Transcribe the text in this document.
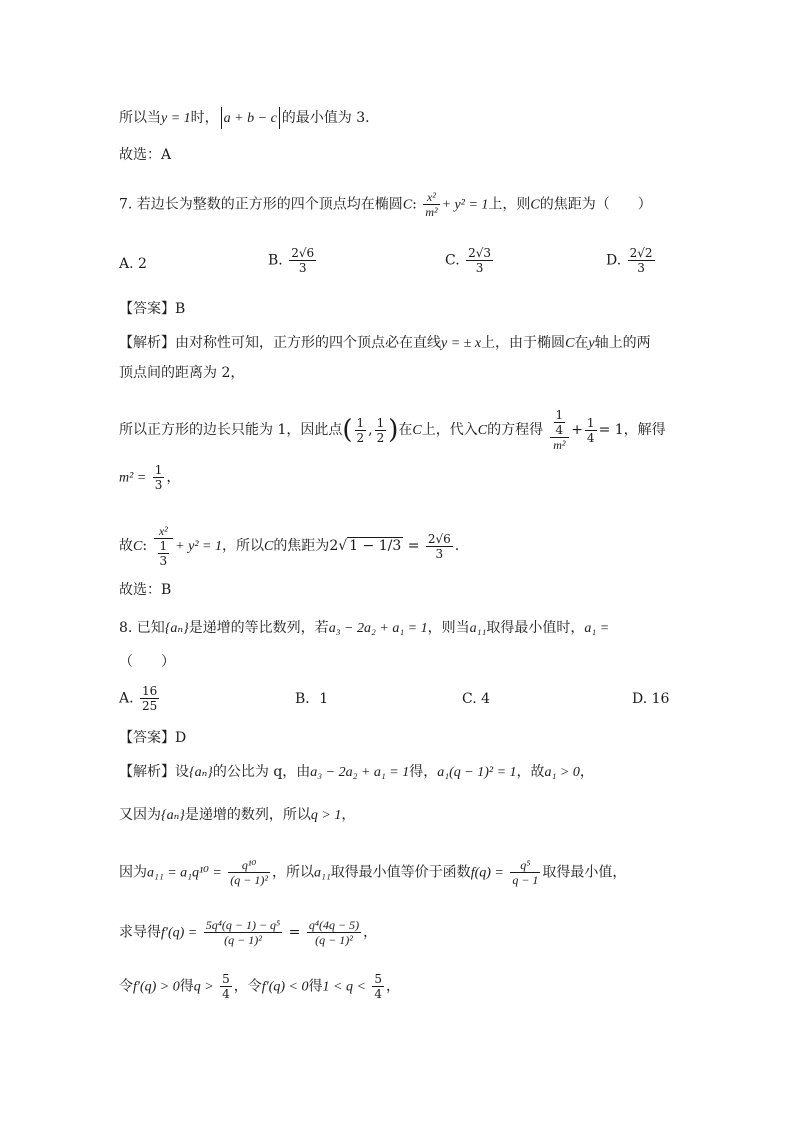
所以当y = 1时， a + b − c 的最小值为 3.
故选：A
7. 若边长为整数的正方形的四个顶点均在椭圆C: $\frac{\text{x²}}{\text{m²}} + y^2 = 1$上，则C的焦距为（　　）
A. 2	B. $\frac{2√6}{3}$	C. $\frac{2√3}{3}$	D. $\frac{2√2}{3}$
【答案】B
【解析】由对称性可知，正方形的四个顶点必在直线y = ± x上，由于椭圆C在y轴上的两
顶点间的距离为 2，
所以正方形的边长只能为 1，因此点( $\frac{1}{2}$ , $\frac{1}{2}$ )在C上，代入C的方程得 $\frac{\frac{1}{4}}{\text{m²}} + \frac{1}{4} = 1$，解得
$m^2 = \frac{1}{3}$ ，
故C: $\frac{\text{x²}}{\frac{1}{3}} + y^2 = 1$，所以C的焦距为2√ $1 - 1/3 = \frac{2√6}{3}$ .
故选：B
8. 已知{aₙ}是递增的等比数列，若a₃ − 2a₂ + a₁ = 1，则当a₁₁取得最小值时，a₁ =
（　　）
A. $\frac{16}{25}$	B．1	C. 4	D. 16
【答案】D
【解析】设{aₙ}的公比为 q，由a₃ − 2a₂ + a₁ = 1得，a₁(q − 1)² = 1，故a₁ > 0，
又因为{aₙ}是递增的数列，所以q > 1，
因为$a_{11} = a_1q^{10} = \frac{\text{q¹⁰}}{\text{(q − 1)²}}$ ，所以a₁₁取得最小值等价于函数$f(q) = \frac{\text{q⁵}}{q - 1}$ 取得最小值，
求导得$f'(q) = \frac{\text{5q⁴(q − 1) − q⁵}}{\text{(q − 1)²}} = \frac{\text{q⁴(4q − 5)}}{\text{(q − 1)²}}$ ，
令f′(q) > 0得$q > \frac{5}{4}$ ，令f′(q) < 0得$1 < q < \frac{5}{4}$ ，
